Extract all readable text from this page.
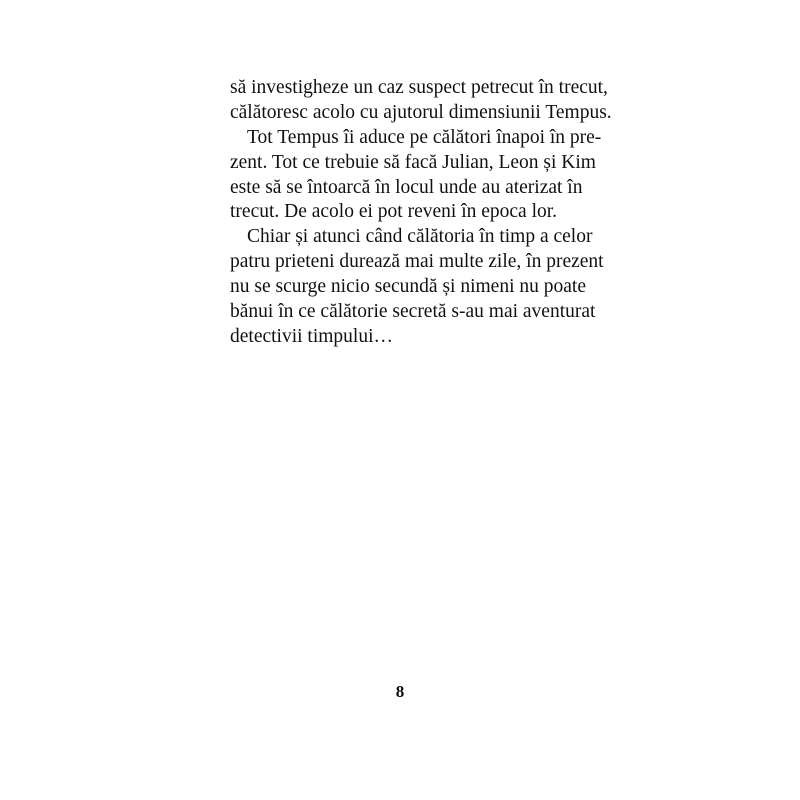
să investigheze un caz suspect petrecut în trecut,
călătoresc acolo cu ajutorul dimensiunii Tempus.
Tot Tempus îi aduce pe călători înapoi în pre-
zent. Tot ce trebuie să facă Julian, Leon și Kim
este să se întoarcă în locul unde au aterizat în
trecut. De acolo ei pot reveni în epoca lor.
Chiar și atunci când călătoria în timp a celor
patru prieteni durează mai multe zile, în prezent
nu se scurge nicio secundă și nimeni nu poate
bănui în ce călătorie secretă s-au mai aventurat
detectivii timpului…
8
